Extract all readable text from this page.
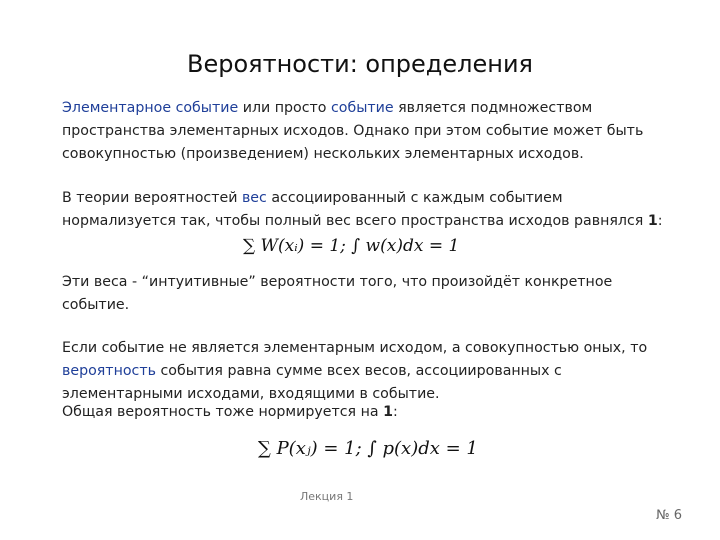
Вероятности: определения
Элементарное событие или просто событие является подмножеством пространства элементарных исходов. Однако при этом событие может быть совокупностью (произведением) нескольких элементарных исходов.
В теории вероятностей вес ассоциированный с каждым событием нормализуется так, чтобы полный вес всего пространства исходов равнялся 1:
∑ W(xᵢ) = 1; ∫ w(x)dx = 1
Эти веса - “интуитивные” вероятности того, что произойдёт конкретное событие.
Если событие не является элементарным исходом, а совокупностью оных, то вероятность события равна сумме всех весов, ассоциированных с элементарными исходами, входящими в событие.
Общая вероятность тоже нормируется на 1:
∑ P(xⱼ) = 1; ∫ p(x)dx = 1
Лекция 1
№ 6
